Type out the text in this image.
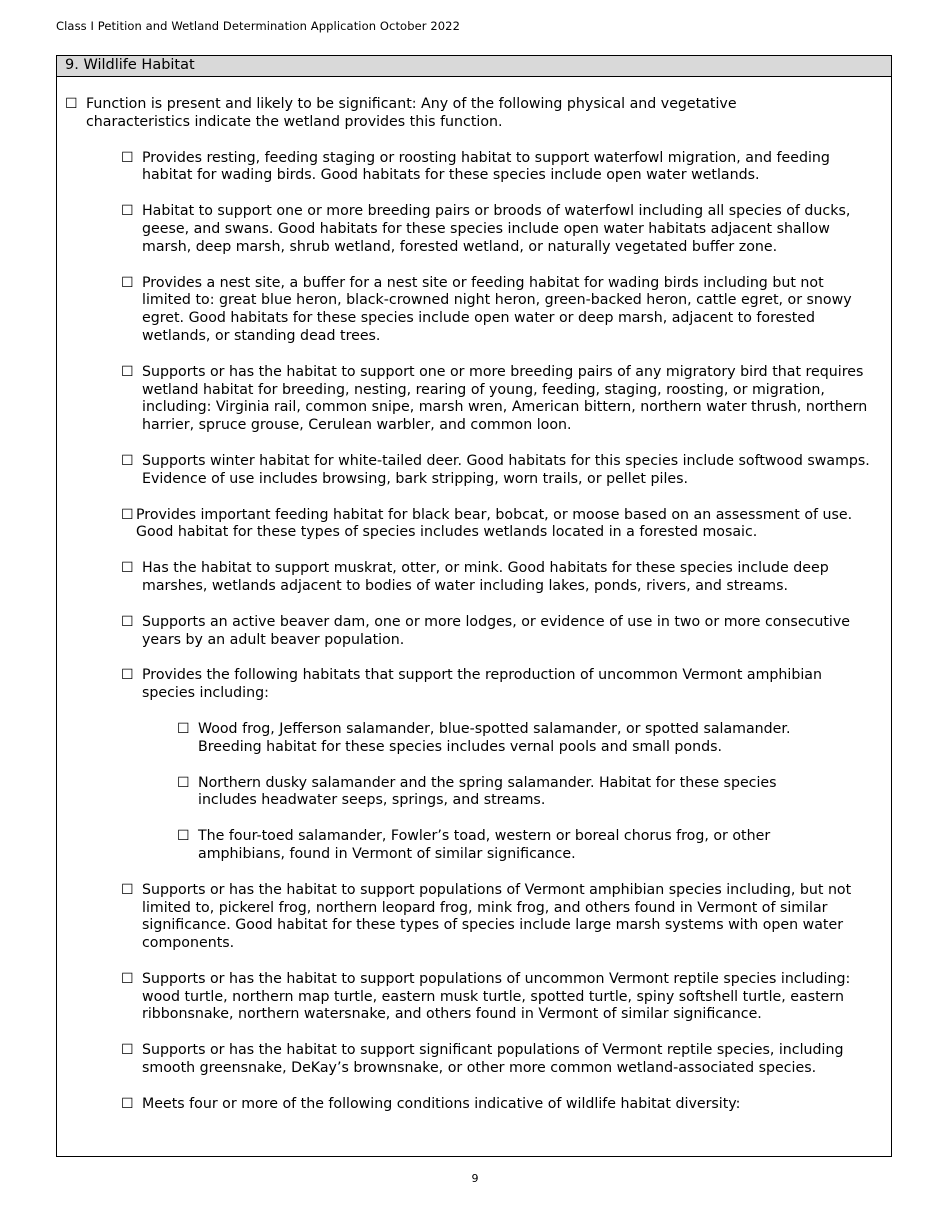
Class I Petition and Wetland Determination Application October 2022
9. Wildlife Habitat
☐ Function is present and likely to be significant: Any of the following physical and vegetative characteristics indicate the wetland provides this function.
☐ Provides resting, feeding staging or roosting habitat to support waterfowl migration, and feeding habitat for wading birds. Good habitats for these species include open water wetlands.
☐ Habitat to support one or more breeding pairs or broods of waterfowl including all species of ducks, geese, and swans. Good habitats for these species include open water habitats adjacent shallow marsh, deep marsh, shrub wetland, forested wetland, or naturally vegetated buffer zone.
☐ Provides a nest site, a buffer for a nest site or feeding habitat for wading birds including but not limited to: great blue heron, black-crowned night heron, green-backed heron, cattle egret, or snowy egret. Good habitats for these species include open water or deep marsh, adjacent to forested wetlands, or standing dead trees.
☐ Supports or has the habitat to support one or more breeding pairs of any migratory bird that requires wetland habitat for breeding, nesting, rearing of young, feeding, staging, roosting, or migration, including: Virginia rail, common snipe, marsh wren, American bittern, northern water thrush, northern harrier, spruce grouse, Cerulean warbler, and common loon.
☐ Supports winter habitat for white-tailed deer. Good habitats for this species include softwood swamps. Evidence of use includes browsing, bark stripping, worn trails, or pellet piles.
☐ Provides important feeding habitat for black bear, bobcat, or moose based on an assessment of use. Good habitat for these types of species includes wetlands located in a forested mosaic.
☐ Has the habitat to support muskrat, otter, or mink. Good habitats for these species include deep marshes, wetlands adjacent to bodies of water including lakes, ponds, rivers, and streams.
☐ Supports an active beaver dam, one or more lodges, or evidence of use in two or more consecutive years by an adult beaver population.
☐ Provides the following habitats that support the reproduction of uncommon Vermont amphibian species including:
☐ Wood frog, Jefferson salamander, blue-spotted salamander, or spotted salamander. Breeding habitat for these species includes vernal pools and small ponds.
☐ Northern dusky salamander and the spring salamander. Habitat for these species includes headwater seeps, springs, and streams.
☐ The four-toed salamander, Fowler’s toad, western or boreal chorus frog, or other amphibians, found in Vermont of similar significance.
☐ Supports or has the habitat to support populations of Vermont amphibian species including, but not limited to, pickerel frog, northern leopard frog, mink frog, and others found in Vermont of similar significance. Good habitat for these types of species include large marsh systems with open water components.
☐ Supports or has the habitat to support populations of uncommon Vermont reptile species including: wood turtle, northern map turtle, eastern musk turtle, spotted turtle, spiny softshell turtle, eastern ribbonsnake, northern watersnake, and others found in Vermont of similar significance.
☐ Supports or has the habitat to support significant populations of Vermont reptile species, including smooth greensnake, DeKay’s brownsnake, or other more common wetland-associated species.
☐ Meets four or more of the following conditions indicative of wildlife habitat diversity:
9
